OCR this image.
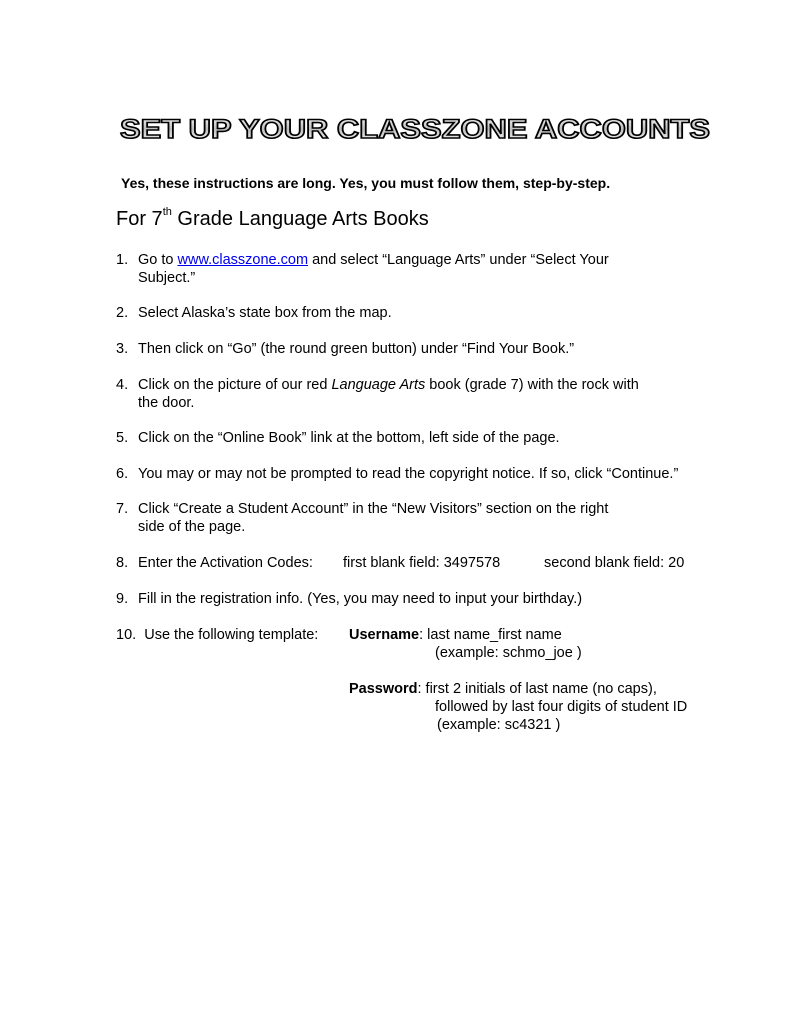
SET UP YOUR CLASSZONE ACCOUNTS
Yes, these instructions are long. Yes, you must follow them, step-by-step.
For 7th Grade Language Arts Books
1. Go to www.classzone.com and select “Language Arts” under “Select Your
Subject.”
2. Select Alaska’s state box from the map.
3. Then click on “Go” (the round green button) under “Find Your Book.”
4. Click on the picture of our red Language Arts book (grade 7) with the rock with
the door.
5. Click on the “Online Book” link at the bottom, left side of the page.
6. You may or may not be prompted to read the copyright notice. If so, click “Continue.”
7. Click “Create a Student Account” in the “New Visitors” section on the right
side of the page.
8. Enter the Activation Codes: first blank field: 3497578	second blank field: 20
9. Fill in the registration info. (Yes, you may need to input your birthday.)
10. Use the following template: Username: last name_first name
(example: schmo_joe )
Password: first 2 initials of last name (no caps),
followed by last four digits of student ID
(example: sc4321 )
